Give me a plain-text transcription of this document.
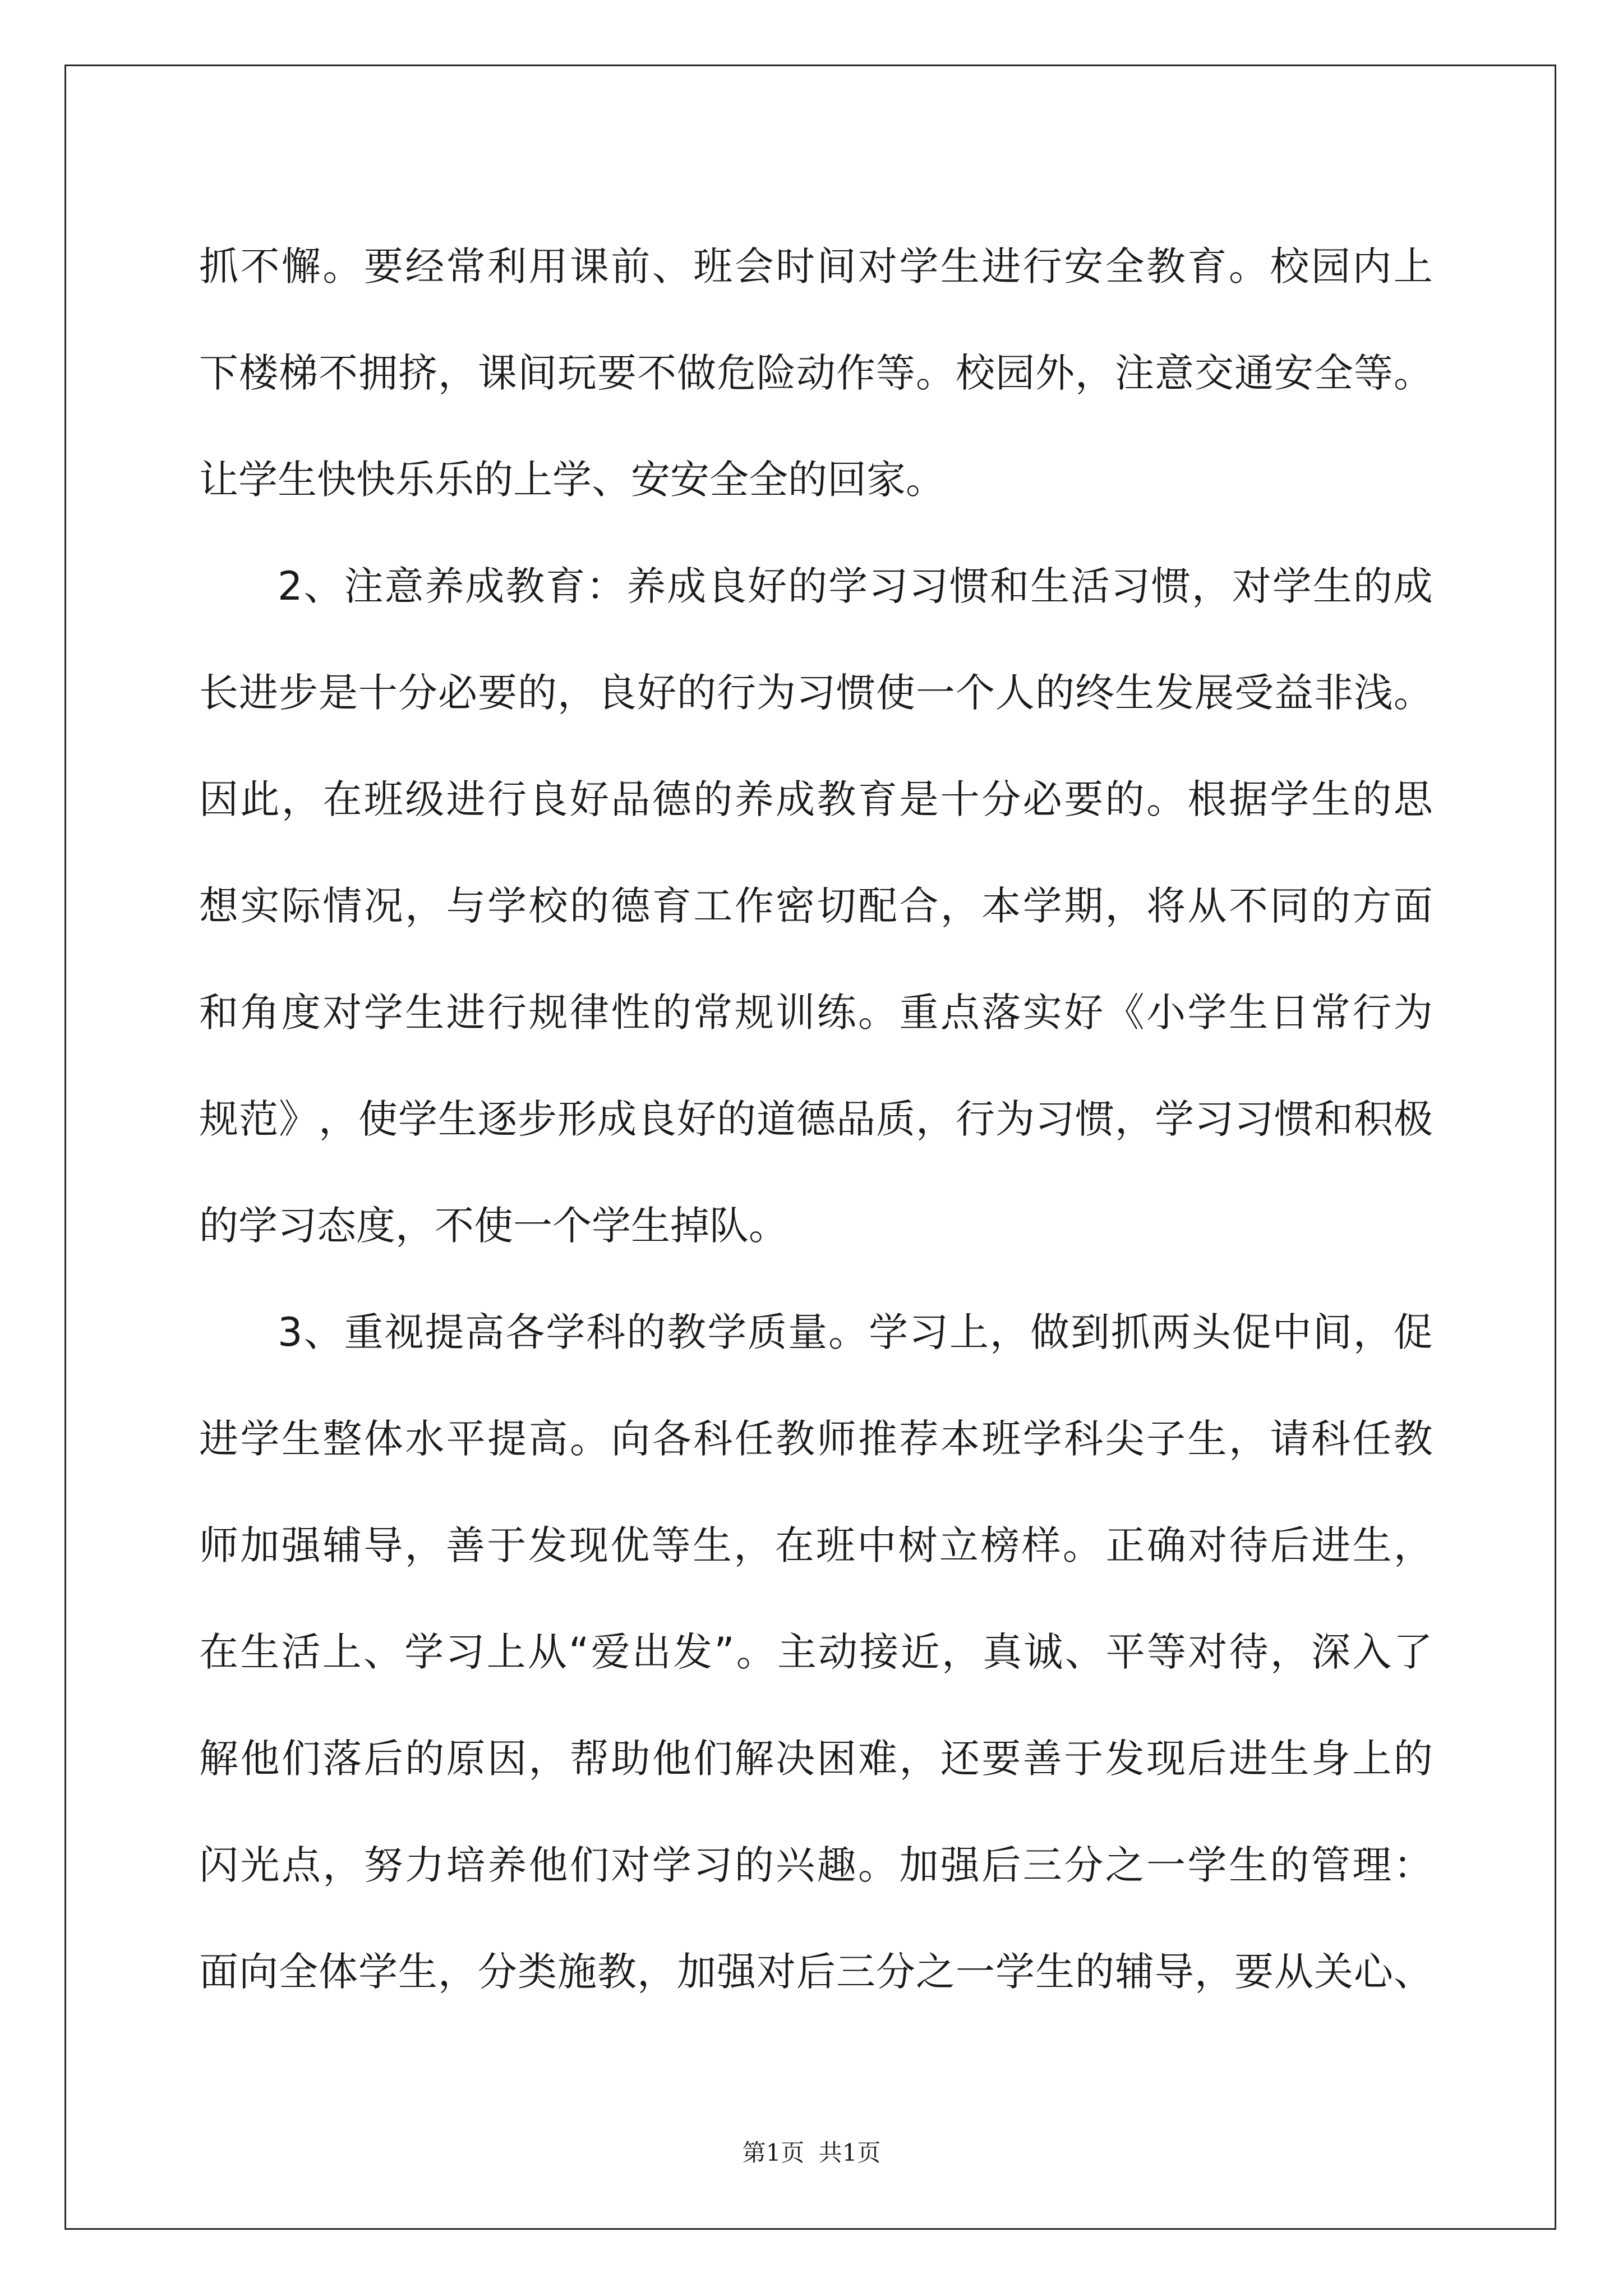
抓 不 懈 。 要 经 常 利 用 课 前 、 班 会 时 间 对 学 生 进 行 安 全 教 育 。 校 园 内 上
下 楼 梯 不 拥 挤 ， 课 间 玩 要 不 做 危 险 动 作 等 。 校 园 外 ， 注 意 交 通 安 全 等 。
让学生快快乐乐的上学、安安全全的回家。
2 、 注 意 养 成 教 育 ： 养 成 良 好 的 学 习 习 惯 和 生 活 习 惯 ， 对 学 生 的 成
长 进 步 是 十 分 必 要 的 ， 良 好 的 行 为 习 惯 使 一 个 人 的 终 生 发 展 受 益 非 浅 。
因 此 ， 在 班 级 进 行 良 好 品 德 的 养 成 教 育 是 十 分 必 要 的 。 根 据 学 生 的 思
想 实 际 情 况 ， 与 学 校 的 德 育 工 作 密 切 配 合 ， 本 学 期 ， 将 从 不 同 的 方 面
和 角 度 对 学 生 进 行 规 律 性 的 常 规 训 练 。 重 点 落 实 好 《 小 学 生 日 常 行 为
规 范 》 ， 使 学 生 逐 步 形 成 良 好 的 道 德 品 质 ， 行 为 习 惯 ， 学 习 习 惯 和 积 极
的学习态度，不使一个学生掉队。
3 、 重 视 提 高 各 学 科 的 教 学 质 量 。 学 习 上 ， 做 到 抓 两 头 促 中 间 ， 促
进 学 生 整 体 水 平 提 高 。 向 各 科 任 教 师 推 荐 本 班 学 科 尖 子 生 ， 请 科 任 教
师 加 强 辅 导 ， 善 于 发 现 优 等 生 ， 在 班 中 树 立 榜 样 。 正 确 对 待 后 进 生 ，
在 生 活 上 、 学 习 上 从 “ 爱 出 发 ” 。 主 动 接 近 ， 真 诚 、 平 等 对 待 ， 深 入 了
解 他 们 落 后 的 原 因 ， 帮 助 他 们 解 决 困 难 ， 还 要 善 于 发 现 后 进 生 身 上 的
闪 光 点 ， 努 力 培 养 他 们 对 学 习 的 兴 趣 。 加 强 后 三 分 之 一 学 生 的 管 理 ：
面 向 全 体 学 生 ， 分 类 施 教 ， 加 强 对 后 三 分 之 一 学 生 的 辅 导 ， 要 从 关 心 、
第1页 共1页
